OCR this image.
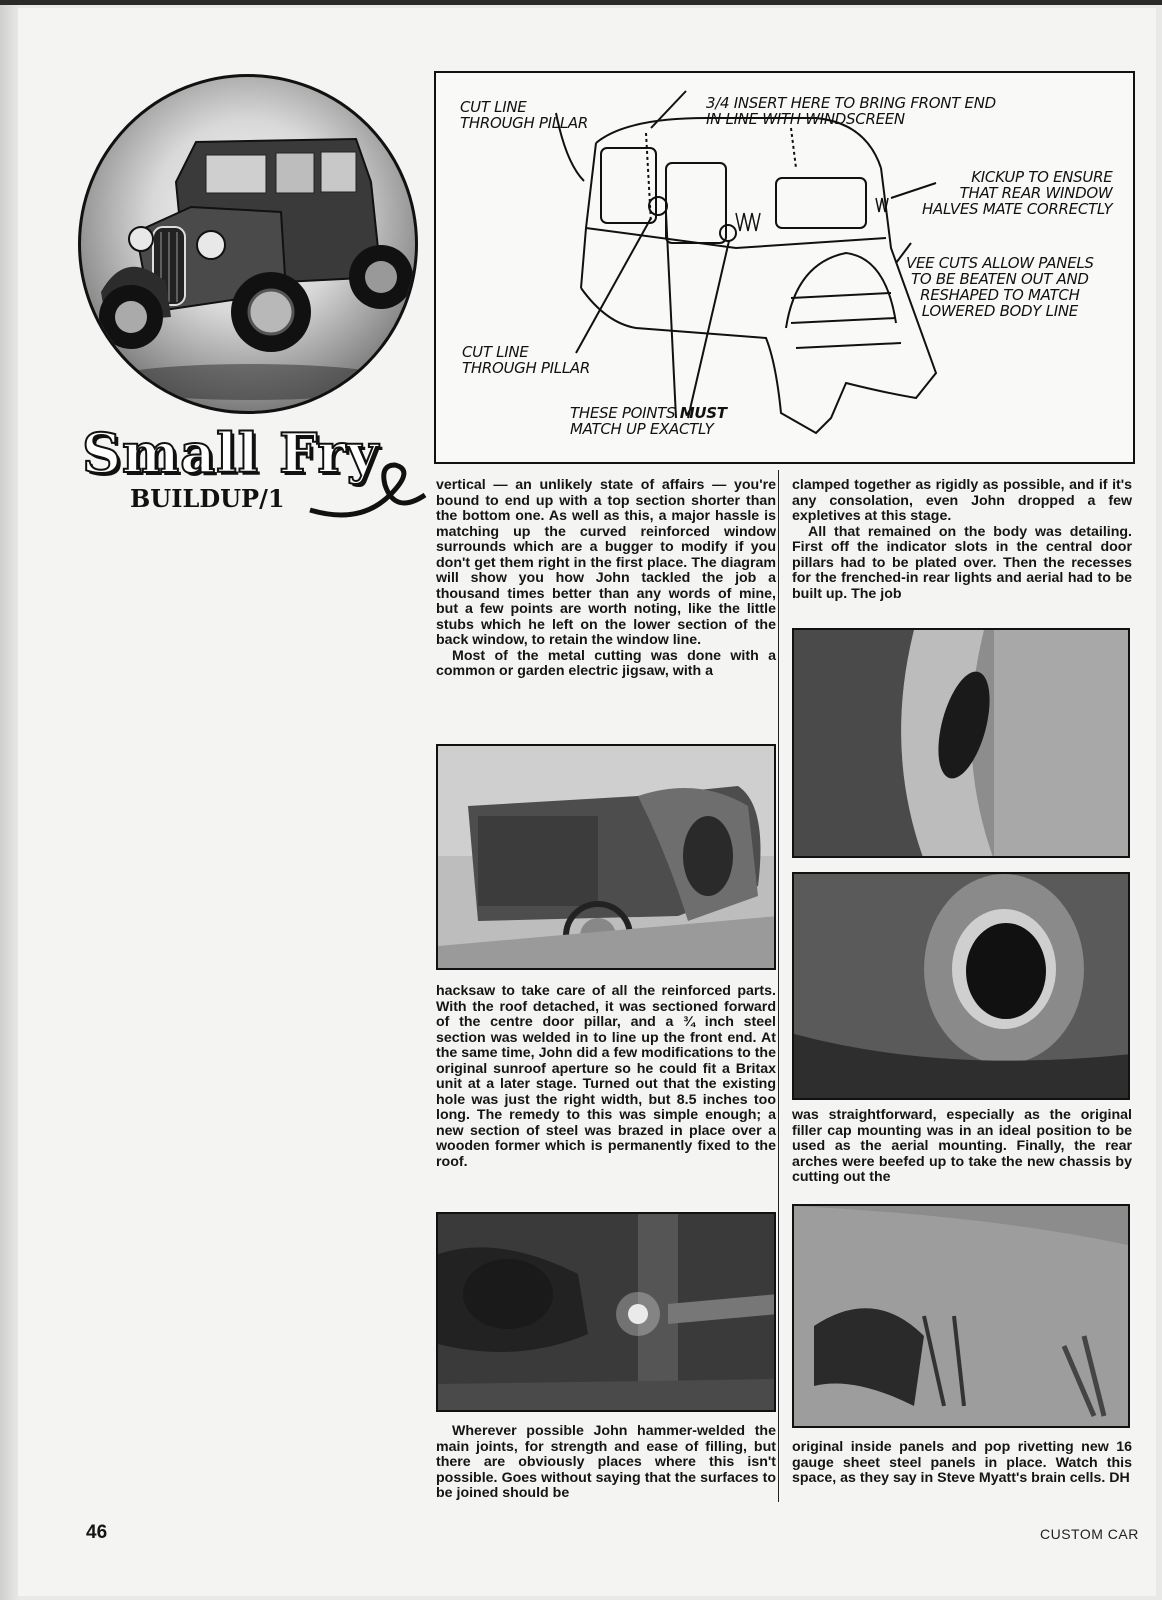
Small Fry
BUILDUP/1
CUT LINE
THROUGH PILLAR
3/4 INSERT HERE TO BRING FRONT END
IN LINE WITH WINDSCREEN
KICKUP TO ENSURE
THAT REAR WINDOW
HALVES MATE CORRECTLY
VEE CUTS ALLOW PANELS
TO BE BEATEN OUT AND
RESHAPED TO MATCH
LOWERED BODY LINE
CUT LINE
THROUGH PILLAR
THESE POINTS MUST
MATCH UP EXACTLY

vertical — an unlikely state of affairs — you're bound to end up with a top section shorter than the bottom one. As well as this, a major hassle is matching up the curved reinforced window surrounds which are a bugger to modify if you don't get them right in the first place. The diagram will show you how John tackled the job a thousand times better than any words of mine, but a few points are worth noting, like the little stubs which he left on the lower section of the back window, to retain the window line.

Most of the metal cutting was done with a common or garden electric jigsaw, with a

hacksaw to take care of all the reinforced parts. With the roof detached, it was sectioned forward of the centre door pillar, and a ¾ inch steel section was welded in to line up the front end. At the same time, John did a few modifications to the original sunroof aperture so he could fit a Britax unit at a later stage. Turned out that the existing hole was just the right width, but 8.5 inches too long. The remedy to this was simple enough; a new section of steel was brazed in place over a wooden former which is permanently fixed to the roof.

Wherever possible John hammer-welded the main joints, for strength and ease of filling, but there are obviously places where this isn't possible. Goes without saying that the surfaces to be joined should be

clamped together as rigidly as possible, and if it's any consolation, even John dropped a few expletives at this stage.

All that remained on the body was detailing. First off the indicator slots in the central door pillars had to be plated over. Then the recesses for the frenched-in rear lights and aerial had to be built up. The job

was straightforward, especially as the original filler cap mounting was in an ideal position to be used as the aerial mounting. Finally, the rear arches were beefed up to take the new chassis by cutting out the

original inside panels and pop rivetting new 16 gauge sheet steel panels in place. Watch this space, as they say in Steve Myatt's brain cells. DH

46	CUSTOM CAR
